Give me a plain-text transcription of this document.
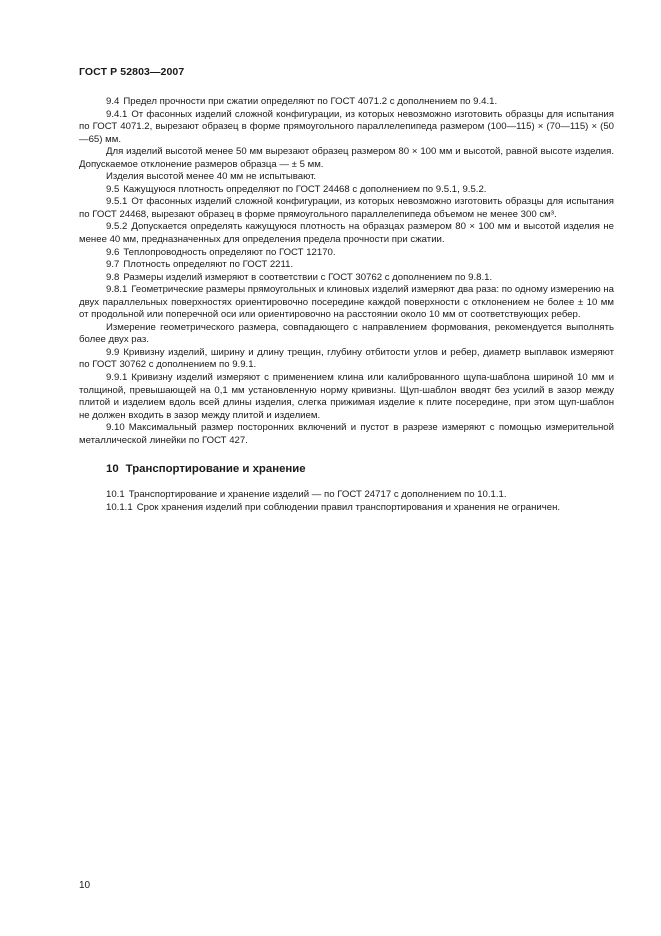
ГОСТ Р 52803—2007

9.4 Предел прочности при сжатии определяют по ГОСТ 4071.2 с дополнением по 9.4.1.

9.4.1 От фасонных изделий сложной конфигурации, из которых невозможно изготовить образцы для испытания по ГОСТ 4071.2, вырезают образец в форме прямоугольного параллелепипеда размером (100—115) × (70—115) × (50—65) мм.

Для изделий высотой менее 50 мм вырезают образец размером 80 × 100 мм и высотой, равной высоте изделия. Допускаемое отклонение размеров образца — ± 5 мм.

Изделия высотой менее 40 мм не испытывают.

9.5 Кажущуюся плотность определяют по ГОСТ 24468 с дополнением по 9.5.1, 9.5.2.

9.5.1 От фасонных изделий сложной конфигурации, из которых невозможно изготовить образцы для испытания по ГОСТ 24468, вырезают образец в форме прямоугольного параллелепипеда объемом не менее 300 см³.

9.5.2 Допускается определять кажущуюся плотность на образцах размером 80 × 100 мм и высотой изделия не менее 40 мм, предназначенных для определения предела прочности при сжатии.

9.6 Теплопроводность определяют по ГОСТ 12170.

9.7 Плотность определяют по ГОСТ 2211.

9.8 Размеры изделий измеряют в соответствии с ГОСТ 30762 с дополнением по 9.8.1.

9.8.1 Геометрические размеры прямоугольных и клиновых изделий измеряют два раза: по одному измерению на двух параллельных поверхностях ориентировочно посередине каждой поверхности с отклонением не более ± 10 мм от продольной или поперечной оси или ориентировочно на расстоянии около 10 мм от соответствующих ребер.

Измерение геометрического размера, совпадающего с направлением формования, рекомендуется выполнять более двух раз.

9.9 Кривизну изделий, ширину и длину трещин, глубину отбитости углов и ребер, диаметр выплавок измеряют по ГОСТ 30762 с дополнением по 9.9.1.

9.9.1 Кривизну изделий измеряют с применением клина или калиброванного щупа-шаблона шириной 10 мм и толщиной, превышающей на 0,1 мм установленную норму кривизны. Щуп-шаблон вводят без усилий в зазор между плитой и изделием вдоль всей длины изделия, слегка прижимая изделие к плите посередине, при этом щуп-шаблон не должен входить в зазор между плитой и изделием.

9.10 Максимальный размер посторонних включений и пустот в разрезе измеряют с помощью измерительной металлической линейки по ГОСТ 427.

10 Транспортирование и хранение

10.1 Транспортирование и хранение изделий — по ГОСТ 24717 с дополнением по 10.1.1.

10.1.1 Срок хранения изделий при соблюдении правил транспортирования и хранения не ограничен.

10
